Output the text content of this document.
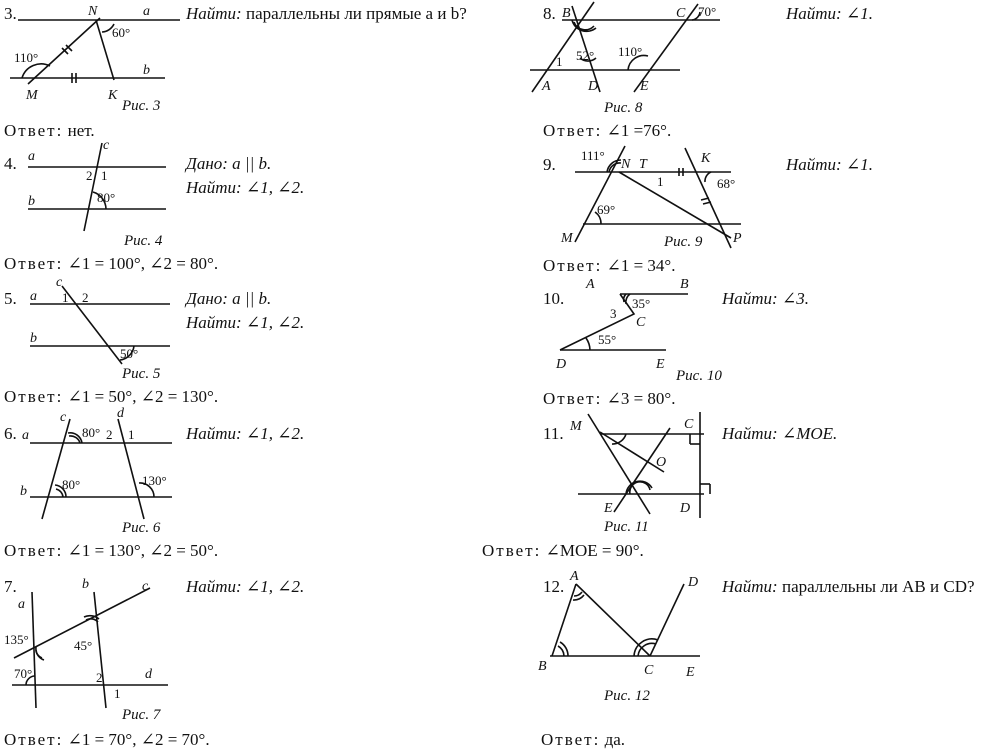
3.	Найти: параллельны ли прямые a и b?
N	a
b
M	K
60°
110°
Рис. 3
Ответ: нет.
4.	Дано: a || b.
Найти: ∠1, ∠2.
a
b
c
2 1
80°
Рис. 4
Ответ: ∠1 = 100°, ∠2 = 80°.
5.	Дано: a || b.
Найти: ∠1, ∠2.
a
b
c
1 2
50°
Рис. 5
Ответ: ∠1 = 50°, ∠2 = 130°.
6.	Найти: ∠1, ∠2.
a
b
c	d
80° 2 1
80°	130°
Рис. 6
Ответ: ∠1 = 130°, ∠2 = 50°.
7.	Найти: ∠1, ∠2.
a
b	c
d
135°	45°
70°	2
1
Рис. 7
Ответ: ∠1 = 70°, ∠2 = 70°.
8.	Найти: ∠1.
B	C
A	D	E
1
70°
52° 110°
Рис. 8
Ответ: ∠1 =76°.
9.	Найти: ∠1.
111°
N T	K
1	68°
69°
M	P
Рис. 9
Ответ: ∠1 = 34°.
10.	Найти: ∠3.
A	B
C
D	E
3
35°
55°
Рис. 10
Ответ: ∠3 = 80°.
11.	Найти: ∠MOE.
M	C
O
E	D
Рис. 11
Ответ: ∠MOE = 90°.
12.	Найти: параллельны ли AB и CD?
A
B	C
D
E
Рис. 12
Ответ: да.
